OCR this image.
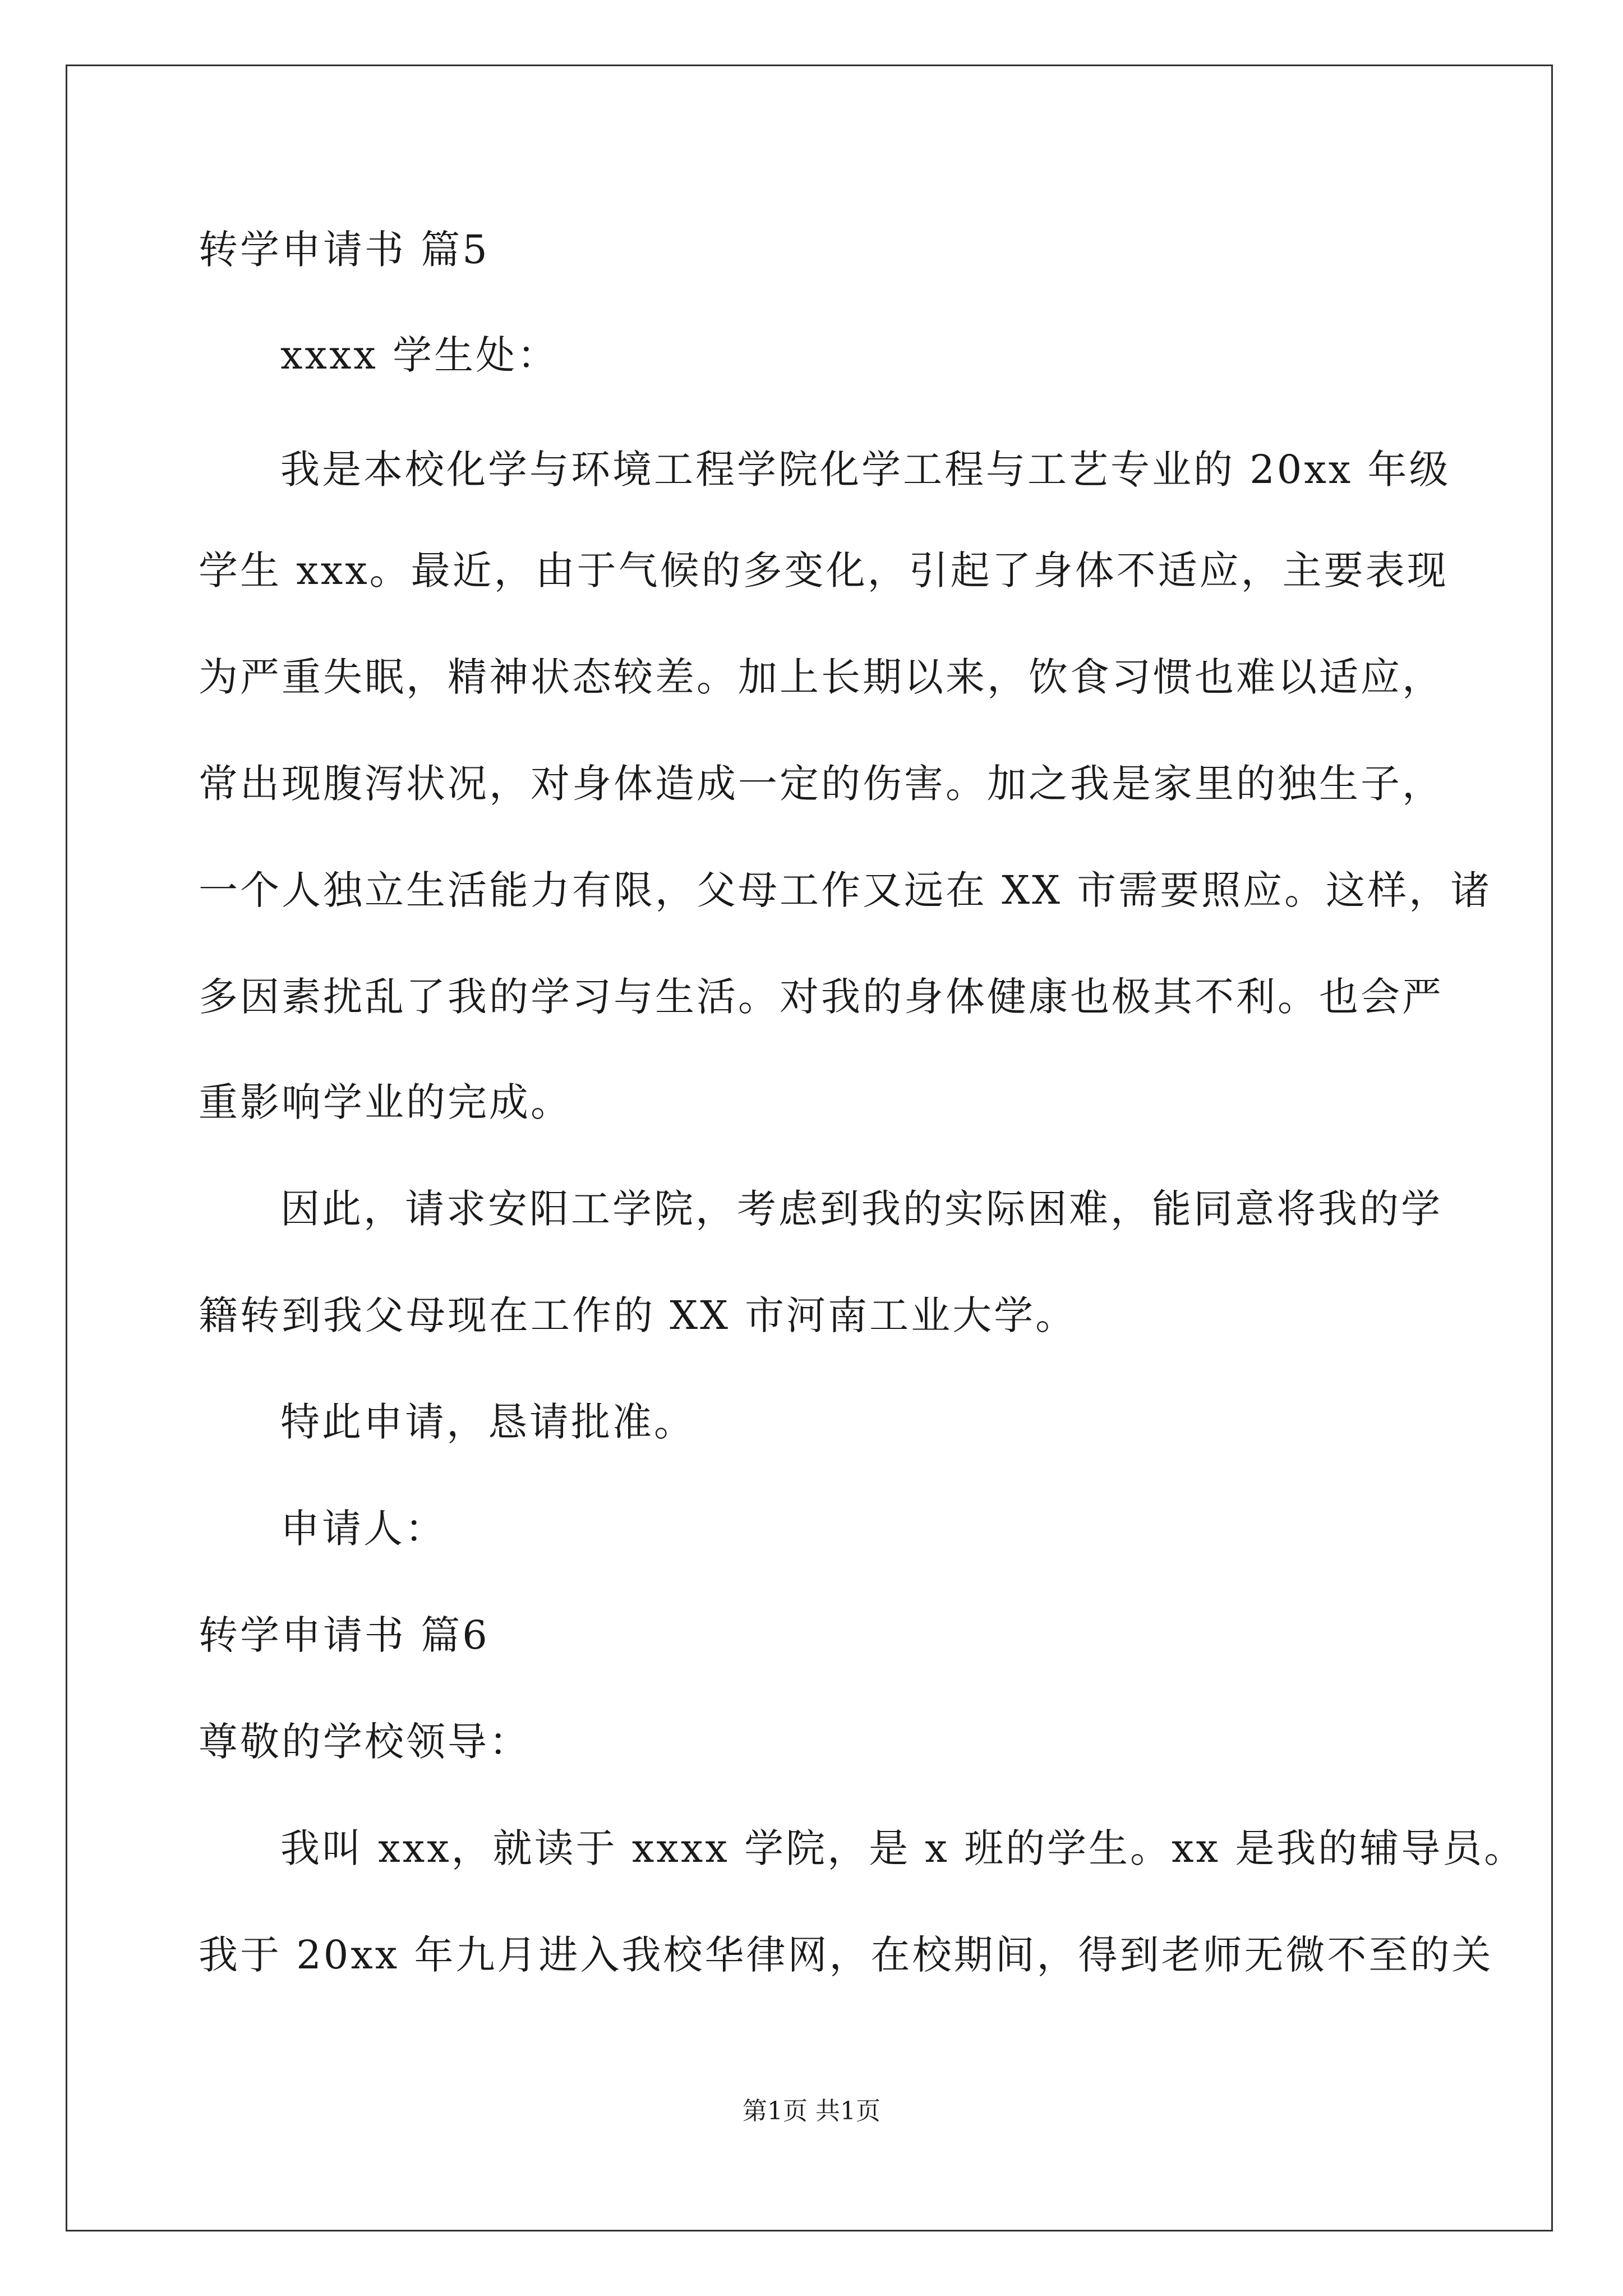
转学申请书 篇5
xxxx 学生处：
我是本校化学与环境工程学院化学工程与工艺专业的 20xx 年级
学生 xxx。最近，由于气候的多变化，引起了身体不适应，主要表现
为严重失眠，精神状态较差。加上长期以来，饮食习惯也难以适应，
常出现腹泻状况，对身体造成一定的伤害。加之我是家里的独生子，
一个人独立生活能力有限，父母工作又远在 XX 市需要照应。这样，诸
多因素扰乱了我的学习与生活。对我的身体健康也极其不利。也会严
重影响学业的完成。
因此，请求安阳工学院，考虑到我的实际困难，能同意将我的学
籍转到我父母现在工作的 XX 市河南工业大学。
特此申请，恳请批准。
申请人：
转学申请书 篇6
尊敬的学校领导：
我叫 xxx，就读于 xxxx 学院，是 x 班的学生。xx 是我的辅导员。
我于 20xx 年九月进入我校华律网，在校期间，得到老师无微不至的关
第1页 共1页
